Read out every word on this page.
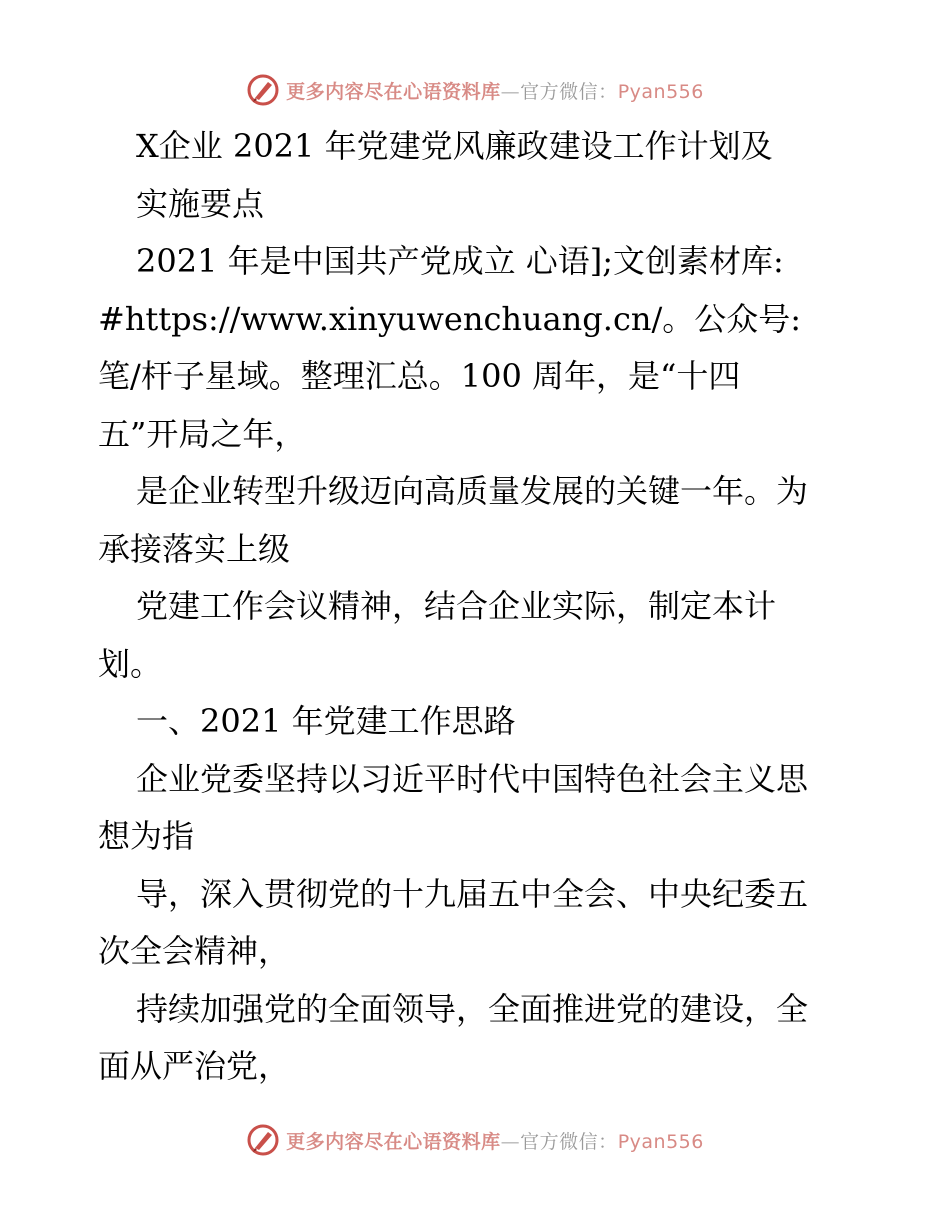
更多内容尽在心语资料库—官方微信：Pyan556
X企业 2021 年党建党风廉政建设工作计划及
实施要点
2021 年是中国共产党成立 心语];文创素材库:
#https://www.xinyuwenchuang.cn/。公众号:
笔/杆子星域。整理汇总。100 周年，是“十四
五”开局之年，
是企业转型升级迈向高质量发展的关键一年。为
承接落实上级
党建工作会议精神，结合企业实际，制定本计
划。
一、2021 年党建工作思路
企业党委坚持以习近平时代中国特色社会主义思
想为指
导，深入贯彻党的十九届五中全会、中央纪委五
次全会精神，
持续加强党的全面领导，全面推进党的建设，全
面从严治党，
更多内容尽在心语资料库—官方微信：Pyan556
